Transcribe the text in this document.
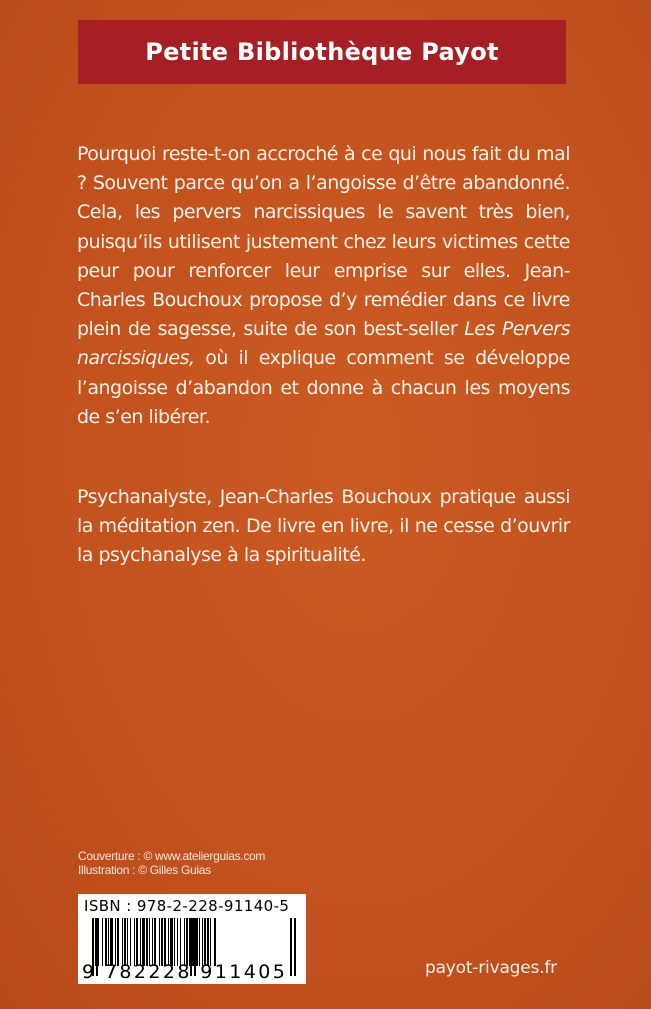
Petite Bibliothèque Payot

Pourquoi reste-t-on accroché à ce qui nous fait du mal ? Souvent parce qu’on a l’angoisse d’être abandonné. Cela, les pervers narcissiques le savent très bien, puisqu’ils utilisent justement chez leurs victimes cette peur pour renforcer leur emprise sur elles. Jean-Charles Bouchoux propose d’y remédier dans ce livre plein de sagesse, suite de son best-seller Les Pervers narcissiques, où il explique comment se développe l’angoisse d’abandon et donne à chacun les moyens de s’en libérer.

Psychanalyste, Jean-Charles Bouchoux pratique aussi la méditation zen. De livre en livre, il ne cesse d’ouvrir la psychanalyse à la spiritualité.

Couverture : © www.atelierguias.com
Illustration : © Gilles Guias
ISBN : 978-2-228-91140-5
9 782228 911405	payot-rivages.fr
